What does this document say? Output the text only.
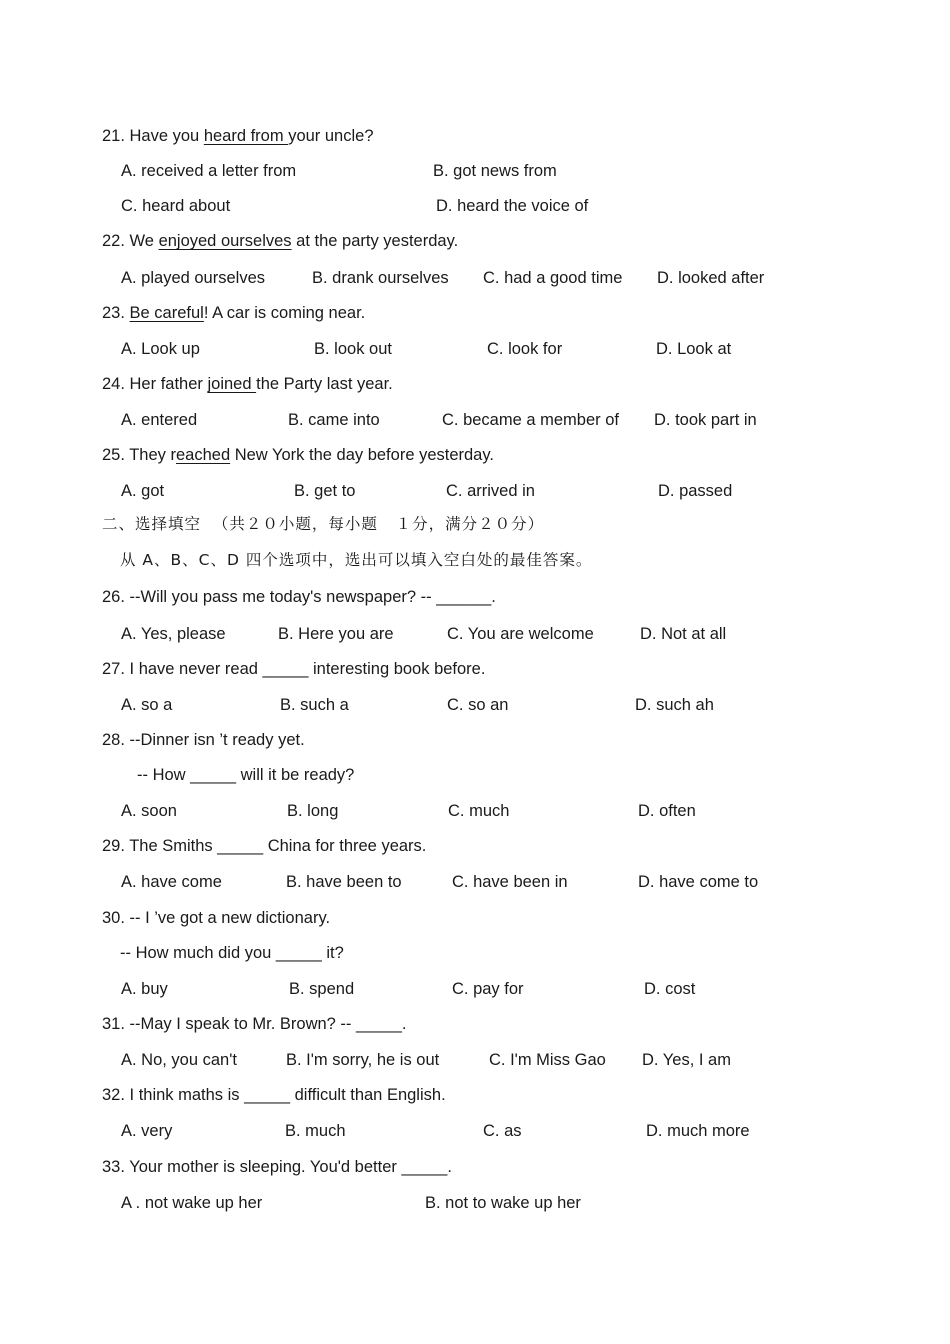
21. Have you heard from your uncle?
A. received a letter from	B. got news from
C. heard about	D. heard the voice of
22. We enjoyed ourselves at the party yesterday.
A. played ourselves	B. drank ourselves C. had a good time D. looked after
23. Be careful! A car is coming near.
A. Look up	B. look out	C. look for	D. Look at
24. Her father joined the Party last year.
A. entered	B. came into	C. became a member of D. took part in
25. They reached New York the day before yesterday.
A. got	B. get to	C. arrived in	D. passed
二、选择填空  （共２０小题，每小题   １分，满分２０分）
从 A、B、C、D 四个选项中，选出可以填入空白处的最佳答案。
26. --Will you pass me today's newspaper? -- ______.
A. Yes, please	B. Here you are	C. You are welcome	D. Not at all
27. I have never read _____ interesting book before.
A. so a	B. such a	C. so an	D. such ah
28. --Dinner isn ’t ready yet.
-- How _____ will it be ready?
A. soon	B. long	C. much	D. often
29. The Smiths _____ China for three years.
A. have come	B. have been to	C. have been in	D. have come to
30. -- I ’ve got a new dictionary.
-- How much did you _____ it?
A. buy	B. spend	C. pay for	D. cost
31. --May I speak to Mr. Brown? -- _____.
A. No, you can't	B. I'm sorry, he is out	C. I'm Miss Gao D. Yes, I am
32. I think maths is _____ difficult than English.
A. very	B. much	C. as	D. much more
33. Your mother is sleeping. You'd better _____.
A . not wake up her	B. not to wake up her
